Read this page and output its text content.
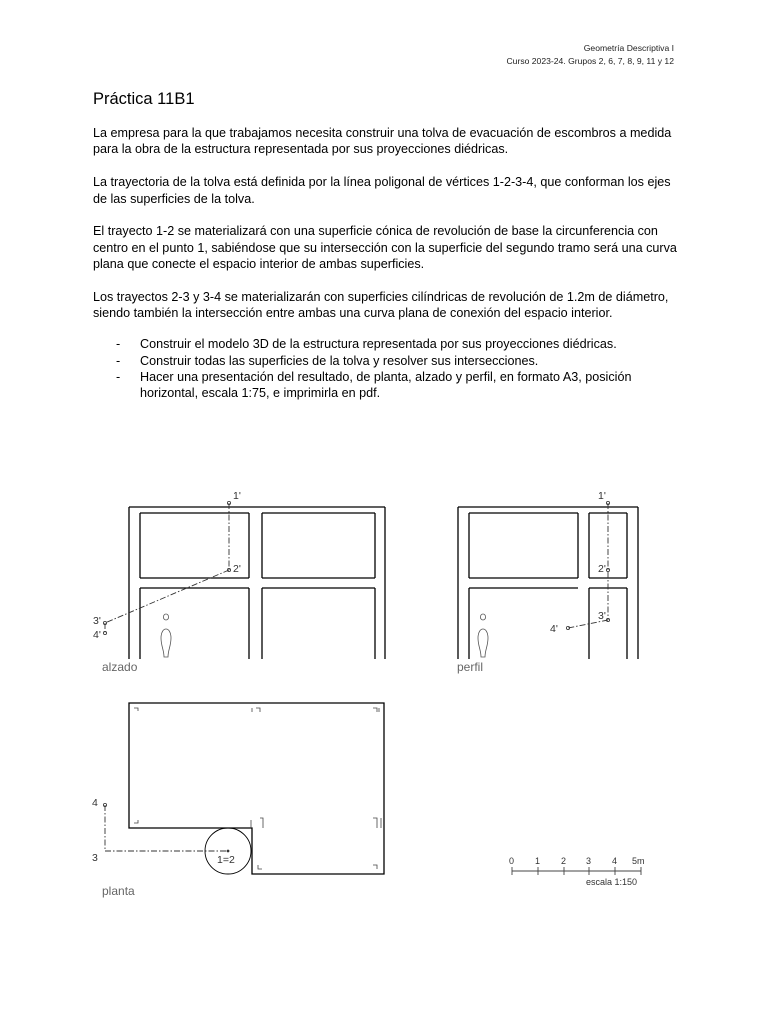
Geometría Descriptiva I
Curso 2023-24. Grupos 2, 6, 7, 8, 9, 11 y 12
Práctica 11B1

La empresa para la que trabajamos necesita construir una tolva de evacuación de escombros a medida para la obra de la estructura representada por sus proyecciones diédricas.

La trayectoria de la tolva está definida por la línea poligonal de vértices 1-2-3-4, que conforman los ejes de las superficies de la tolva.

El trayecto 1-2 se materializará con una superficie cónica de revolución de base la circunferencia con centro en el punto 1, sabiéndose que su intersección con la superficie del segundo tramo será una curva plana que conecte el espacio interior de ambas superficies.

Los trayectos 2-3 y 3-4 se materializarán con superficies cilíndricas de revolución de 1.2m de diámetro, siendo también la intersección entre ambas una curva plana de conexión del espacio interior.

- Construir el modelo 3D de la estructura representada por sus proyecciones diédricas.
- Construir todas las superficies de la tolva y resolver sus intersecciones.
- Hacer una presentación del resultado, de planta, alzado y perfil, en formato A3, posición horizontal, escala 1:75, e imprimirla en pdf.
1'
2'
3'
4'
alzado
1'
2'
3'
4'
perfil
4
3	1=2
planta
0 1 2 3 4 5m
escala 1:150
